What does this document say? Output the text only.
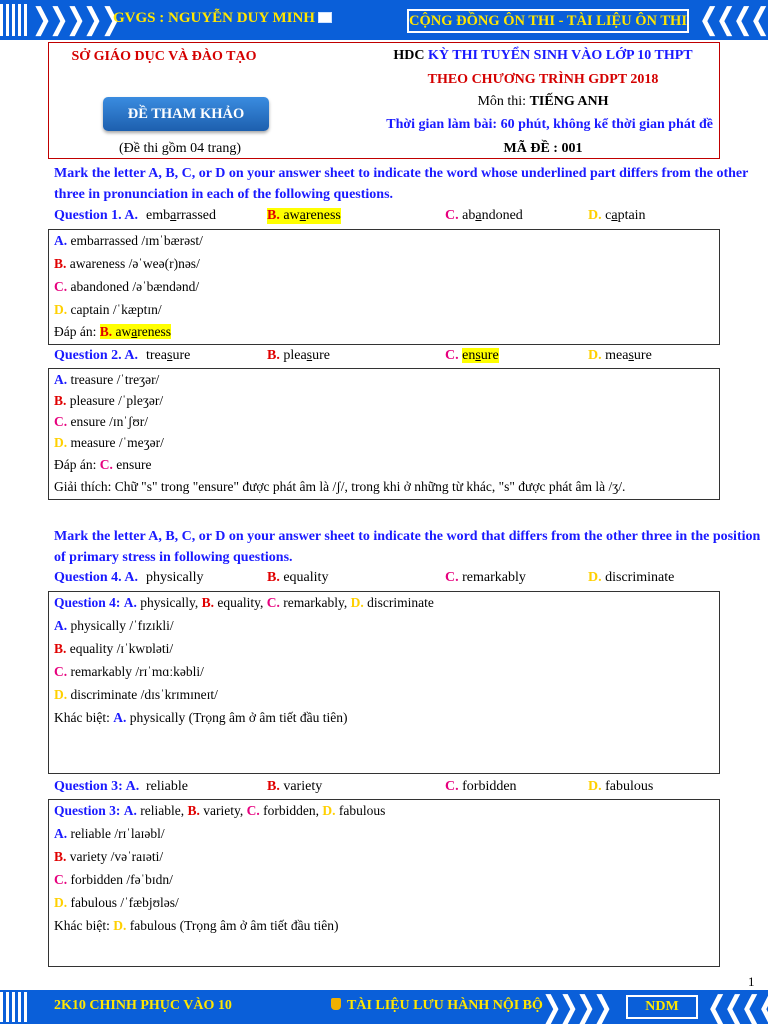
❯ ❯ ❯ ❯ ❯ GVGS : NGUYỄN DUY MINH	CỘNG ĐỒNG ÔN THI - TÀI LIỆU ÔN THI ❮ ❮ ❮ ❮ ❮
SỞ GIÁO DỤC VÀ ĐÀO TẠO	HDC KỲ THI TUYỂN SINH VÀO LỚP 10 THPT
THEO CHƯƠNG TRÌNH GDPT 2018
Môn thi: TIẾNG ANH
Thời gian làm bài: 60 phút, không kể thời gian phát đề
MÃ ĐỀ : 001
ĐỀ THAM KHẢO
(Đề thi gồm 04 trang)
Mark the letter A, B, C, or D on your answer sheet to indicate the word whose underlined part differs from the other three in pronunciation in each of the following questions.
Question 1. A. embarrassed	B. awareness	C. abandoned	D. captain
A. embarrassed /ɪmˈbærəst/
B. awareness /əˈweə(r)nəs/
C. abandoned /əˈbændənd/
D. captain /ˈkæptɪn/
Đáp án: B. awareness
Question 2. A. treasure	B. pleasure	C. ensure	D. measure
A. treasure /ˈtreʒər/
B. pleasure /ˈpleʒər/
C. ensure /ɪnˈʃʊr/
D. measure /ˈmeʒər/
Đáp án: C. ensure
Giải thích: Chữ "s" trong "ensure" được phát âm là /ʃ/, trong khi ở những từ khác, "s" được phát âm là /ʒ/.
Mark the letter A, B, C, or D on your answer sheet to indicate the word that differs from the other three in the position of primary stress in following questions.
Question 4. A. physically	B. equality	C. remarkably	D. discriminate
Question 4: A. physically, B. equality, C. remarkably, D. discriminate
A. physically /ˈfɪzɪkli/
B. equality /ɪˈkwɒləti/
C. remarkably /rɪˈmɑːkəbli/
D. discriminate /dɪsˈkrɪmɪneɪt/
Khác biệt: A. physically (Trọng âm ở âm tiết đầu tiên)
Question 3: A. reliable	B. variety	C. forbidden	D. fabulous
Question 3: A. reliable, B. variety, C. forbidden, D. fabulous
A. reliable /rɪˈlaɪəbl/
B. variety /vəˈraɪəti/
C. forbidden /fəˈbɪdn/
D. fabulous /ˈfæbjʊləs/
Khác biệt: D. fabulous (Trọng âm ở âm tiết đầu tiên)
1
2K10 CHINH PHỤC VÀO 10	TÀI LIỆU LƯU HÀNH NỘI BỘ
❯ ❯ ❯ ❯	NDM ❮ ❮ ❮ ❮
